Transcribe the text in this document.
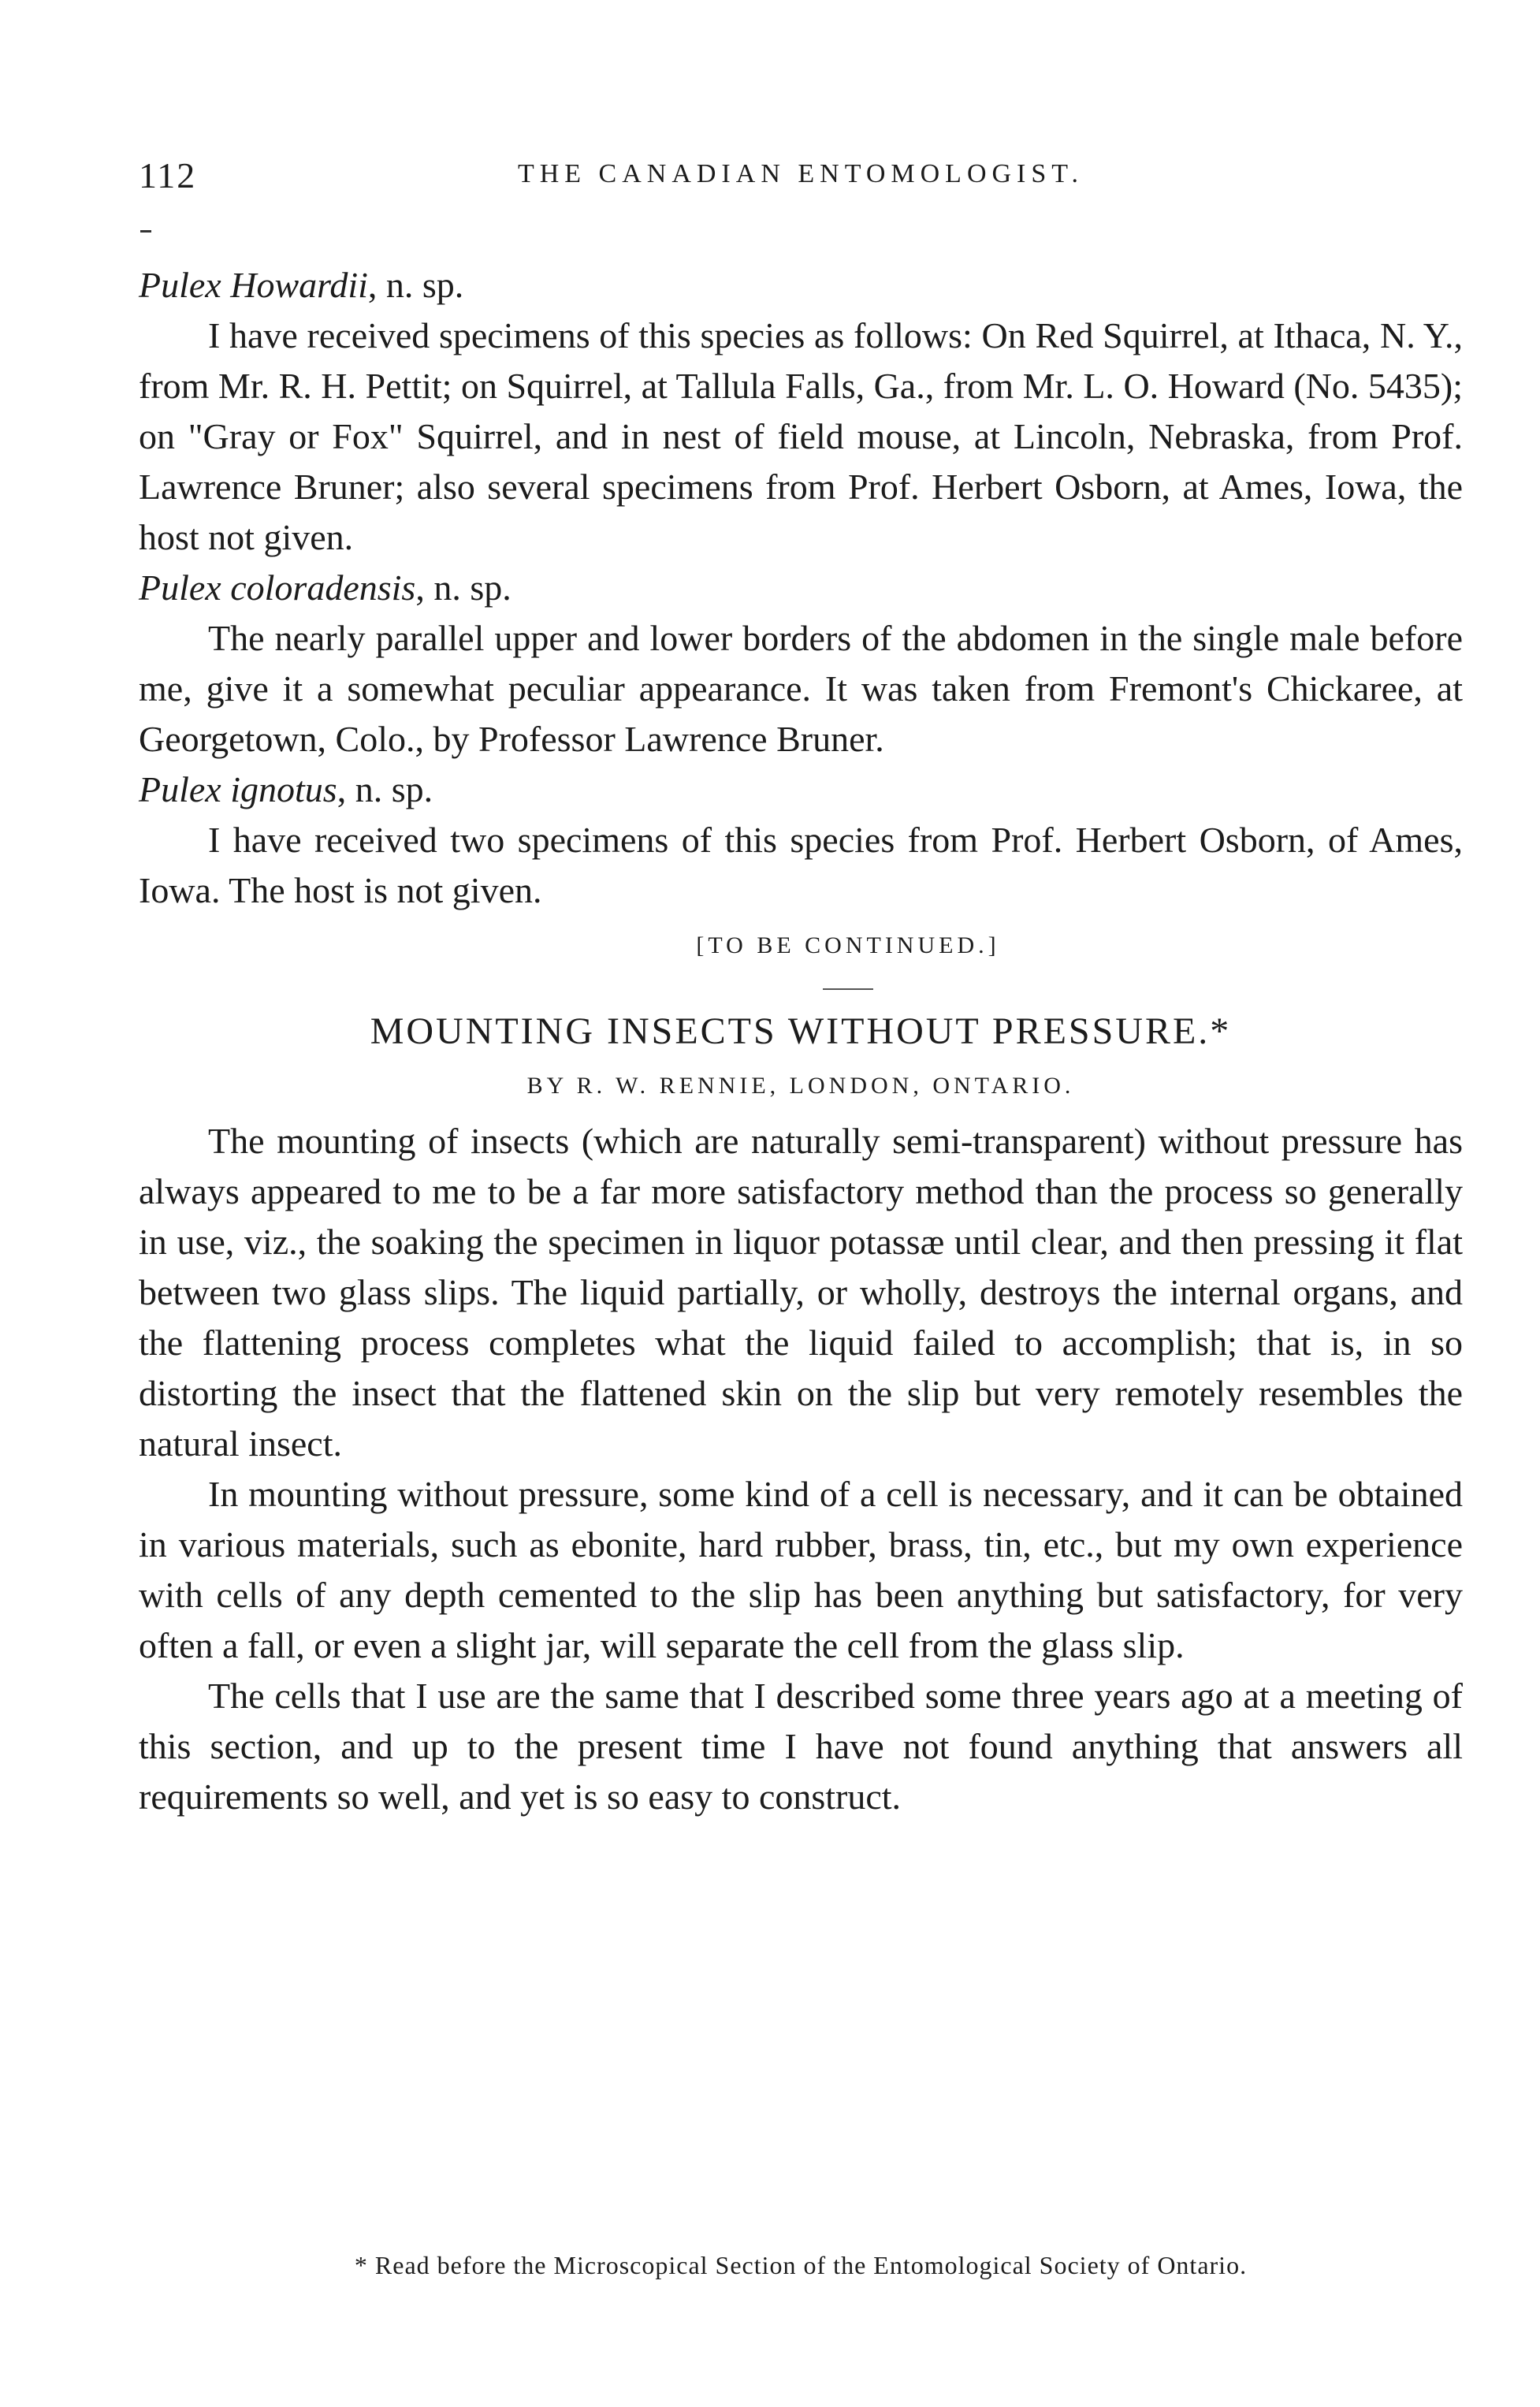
112	THE CANADIAN ENTOMOLOGIST.
Pulex Howardii, n. sp.

I have received specimens of this species as follows: On Red Squirrel, at Ithaca, N. Y., from Mr. R. H. Pettit; on Squirrel, at Tallula Falls, Ga., from Mr. L. O. Howard (No. 5435); on "Gray or Fox" Squirrel, and in nest of field mouse, at Lincoln, Nebraska, from Prof. Lawrence Bruner; also several specimens from Prof. Herbert Osborn, at Ames, Iowa, the host not given.

Pulex coloradensis, n. sp.

The nearly parallel upper and lower borders of the abdomen in the single male before me, give it a somewhat peculiar appearance. It was taken from Fremont's Chickaree, at Georgetown, Colo., by Professor Lawrence Bruner.

Pulex ignotus, n. sp.

I have received two specimens of this species from Prof. Herbert Osborn, of Ames, Iowa. The host is not given.

[TO BE CONTINUED.]
MOUNTING INSECTS WITHOUT PRESSURE.*
BY R. W. RENNIE, LONDON, ONTARIO.

The mounting of insects (which are naturally semi-transparent) without pressure has always appeared to me to be a far more satisfactory method than the process so generally in use, viz., the soaking the specimen in liquor potassæ until clear, and then pressing it flat between two glass slips. The liquid partially, or wholly, destroys the internal organs, and the flattening process completes what the liquid failed to accomplish; that is, in so distorting the insect that the flattened skin on the slip but very remotely resembles the natural insect.

In mounting without pressure, some kind of a cell is necessary, and it can be obtained in various materials, such as ebonite, hard rubber, brass, tin, etc., but my own experience with cells of any depth cemented to the slip has been anything but satisfactory, for very often a fall, or even a slight jar, will separate the cell from the glass slip.

The cells that I use are the same that I described some three years ago at a meeting of this section, and up to the present time I have not found anything that answers all requirements so well, and yet is so easy to construct.

* Read before the Microscopical Section of the Entomological Society of Ontario.
